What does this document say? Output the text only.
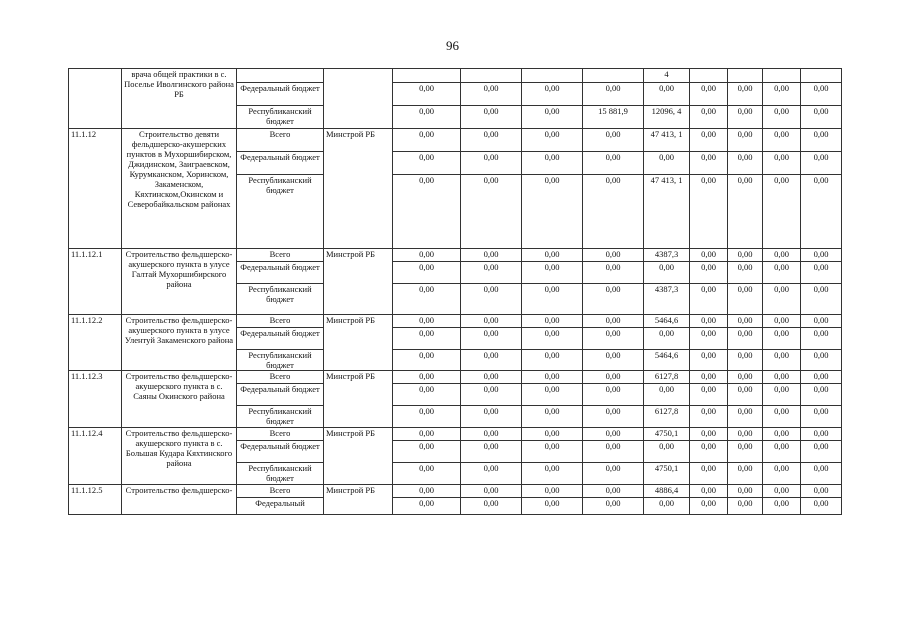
96
	врача общей практики в с. Поселье Иволгинского района РБ							4				
		Федеральный бюджет		0,00	0,00	0,00	0,00	0,00	0,00	0,00	0,00	0,00
		Республиканский бюджет		0,00	0,00	0,00	15 881,9	12096, 4	0,00	0,00	0,00	0,00
11.1.12	Строительство девяти фельдшерско-акушерских пунктов в Мухоршибирском, Джидинском, Заиграевском, Курумканском, Хоринском, Закаменском, Кяхтинском,Окинском и Северобайкальском районах	Всего	Минстрой РБ	0,00	0,00	0,00	0,00	47 413, 1	0,00	0,00	0,00	0,00
		Федеральный бюджет		0,00	0,00	0,00	0,00	0,00	0,00	0,00	0,00	0,00
		Республиканский бюджет		0,00	0,00	0,00	0,00	47 413, 1	0,00	0,00	0,00	0,00
11.1.12.1	Строительство фельдшерско-акушерского пункта в улусе Галтай Мухоршибирского района	Всего	Минстрой РБ	0,00	0,00	0,00	0,00	4387,3	0,00	0,00	0,00	0,00
		Федеральный бюджет		0,00	0,00	0,00	0,00	0,00	0,00	0,00	0,00	0,00
		Республиканский бюджет		0,00	0,00	0,00	0,00	4387,3	0,00	0,00	0,00	0,00
11.1.12.2	Строительство фельдшерско-акушерского пункта в улусе Улентуй Закаменского района	Всего	Минстрой РБ	0,00	0,00	0,00	0,00	5464,6	0,00	0,00	0,00	0,00
		Федеральный бюджет		0,00	0,00	0,00	0,00	0,00	0,00	0,00	0,00	0,00
		Республиканский бюджет		0,00	0,00	0,00	0,00	5464,6	0,00	0,00	0,00	0,00
11.1.12.3	Строительство фельдшерско-акушерского пункта в с. Саяны Окинского района	Всего	Минстрой РБ	0,00	0,00	0,00	0,00	6127,8	0,00	0,00	0,00	0,00
		Федеральный бюджет		0,00	0,00	0,00	0,00	0,00	0,00	0,00	0,00	0,00
		Республиканский бюджет		0,00	0,00	0,00	0,00	6127,8	0,00	0,00	0,00	0,00
11.1.12.4	Строительство фельдшерско-акушерского пункта в с. Большая Кудара Кяхтинского района	Всего	Минстрой РБ	0,00	0,00	0,00	0,00	4750,1	0,00	0,00	0,00	0,00
		Федеральный бюджет		0,00	0,00	0,00	0,00	0,00	0,00	0,00	0,00	0,00
		Республиканский бюджет		0,00	0,00	0,00	0,00	4750,1	0,00	0,00	0,00	0,00
11.1.12.5	Строительство фельдшерско-	Всего	Минстрой РБ	0,00	0,00	0,00	0,00	4886,4	0,00	0,00	0,00	0,00
		Федеральный		0,00	0,00	0,00	0,00	0,00	0,00	0,00	0,00	0,00
